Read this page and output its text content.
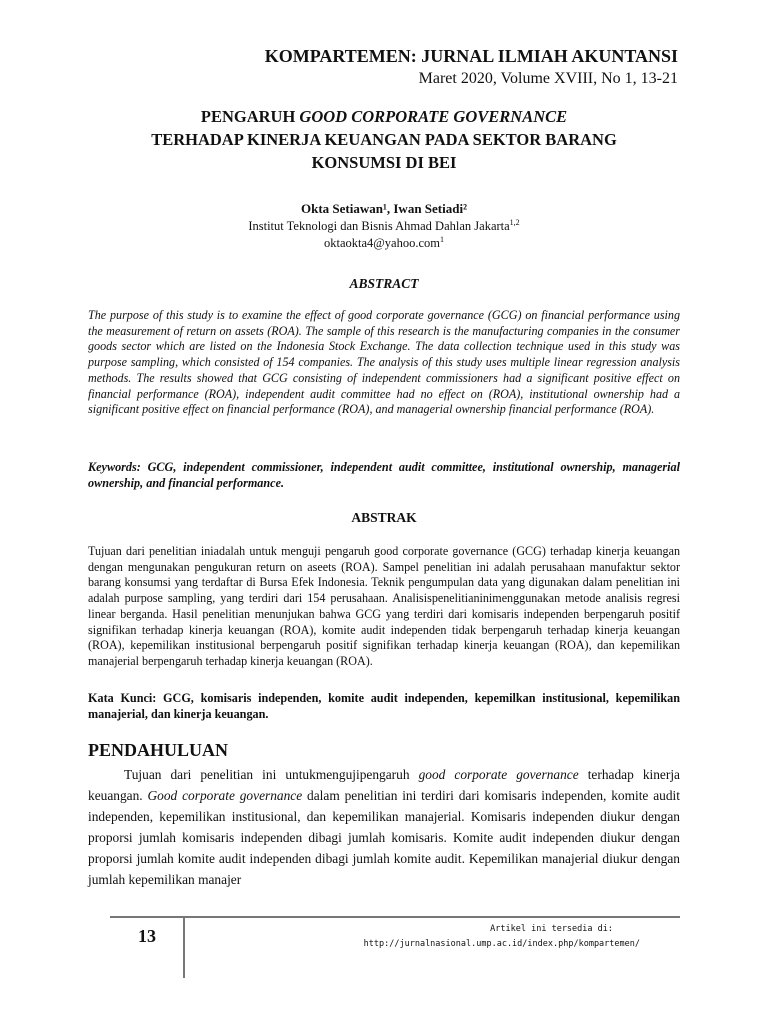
KOMPARTEMEN: JURNAL ILMIAH AKUNTANSI
Maret 2020, Volume XVIII, No 1, 13-21
PENGARUH GOOD CORPORATE GOVERNANCE
TERHADAP KINERJA KEUANGAN PADA SEKTOR BARANG
KONSUMSI DI BEI
Okta Setiawan¹, Iwan Setiadi²
Institut Teknologi dan Bisnis Ahmad Dahlan Jakarta$^{1,2}$
oktaokta4@yahoo.com$^1$
ABSTRACT

The purpose of this study is to examine the effect of good corporate governance (GCG) on financial performance using the measurement of return on assets (ROA). The sample of this research is the manufacturing companies in the consumer goods sector which are listed on the Indonesia Stock Exchange. The data collection technique used in this study was purpose sampling, which consisted of 154 companies. The analysis of this study uses multiple linear regression analysis methods. The results showed that GCG consisting of independent commissioners had a significant positive effect on financial performance (ROA), independent audit committee had no effect on (ROA), institutional ownership had a significant positive effect on financial performance (ROA), and managerial ownership financial performance (ROA).

Keywords: GCG, independent commissioner, independent audit committee, institutional ownership, managerial ownership, and financial performance.

ABSTRAK

Tujuan dari penelitian iniadalah untuk menguji pengaruh good corporate governance (GCG) terhadap kinerja keuangan dengan mengunakan pengukuran return on aseets (ROA). Sampel penelitian ini adalah perusahaan manufaktur sektor barang konsumsi yang terdaftar di Bursa Efek Indonesia. Teknik pengumpulan data yang digunakan dalam penelitian ini adalah purpose sampling, yang terdiri dari 154 perusahaan. Analisispenelitianinimenggunakan metode analisis regresi linear berganda. Hasil penelitian menunjukan bahwa GCG yang terdiri dari komisaris independen berpengaruh positif signifikan terhadap kinerja keuangan (ROA), komite audit independen tidak berpengaruh terhadap kinerja keuangan (ROA), kepemilikan institusional berpengaruh positif signifikan terhadap kinerja keuangan (ROA), dan kepemilikan manajerial berpengaruh terhadap kinerja keuangan (ROA).

Kata Kunci: GCG, komisaris independen, komite audit independen, kepemilkan institusional, kepemilikan manajerial, dan kinerja keuangan.

PENDAHULUAN

Tujuan dari penelitian ini untukmengujipengaruh good corporate governance terhadap kinerja keuangan. Good corporate governance dalam penelitian ini terdiri dari komisaris independen, komite audit independen, kepemilikan institusional, dan kepemilikan manajerial. Komisaris independen diukur dengan proporsi jumlah komisaris independen dibagi jumlah komisaris. Komite audit independen diukur dengan proporsi jumlah komite audit independen dibagi jumlah komite audit. Kepemilikan manajerial diukur dengan jumlah kepemilikan manajer

13	Artikel ini tersedia di:
http://jurnalnasional.ump.ac.id/index.php/kompartemen/
